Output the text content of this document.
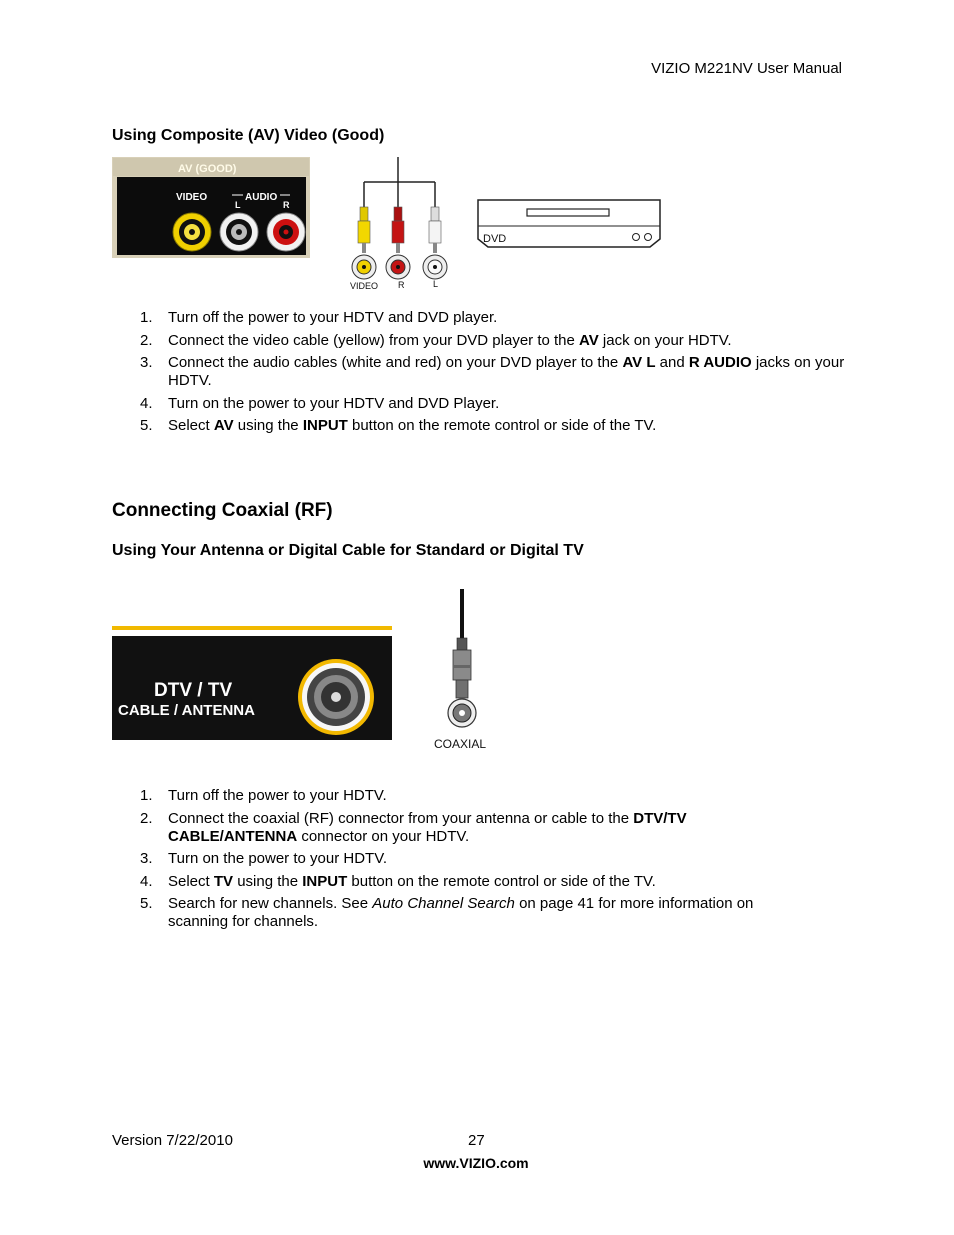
VIZIO M221NV User Manual
Using Composite (AV) Video (Good)
AV (GOOD)
VIDEO	AUDIO
L	R
VIDEO R	L
DVD
1. Turn off the power to your HDTV and DVD player.
2. Connect the video cable (yellow) from your DVD player to the AV jack on your HDTV.
3. Connect the audio cables (white and red) on your DVD player to the AV L and R AUDIO jacks on your HDTV.
4. Turn on the power to your HDTV and DVD Player.
5. Select AV using the INPUT button on the remote control or side of the TV.
Connecting Coaxial (RF)
Using Your Antenna or Digital Cable for Standard or Digital TV
DTV / TV
CABLE / ANTENNA
COAXIAL
1. Turn off the power to your HDTV.
2. Connect the coaxial (RF) connector from your antenna or cable to the DTV/TV
CABLE/ANTENNA connector on your HDTV.
3. Turn on the power to your HDTV.
4. Select TV using the INPUT button on the remote control or side of the TV.
5. Search for new channels. See Auto Channel Search on page 41 for more information on
scanning for channels.
Version 7/22/2010	27
www.VIZIO.com
